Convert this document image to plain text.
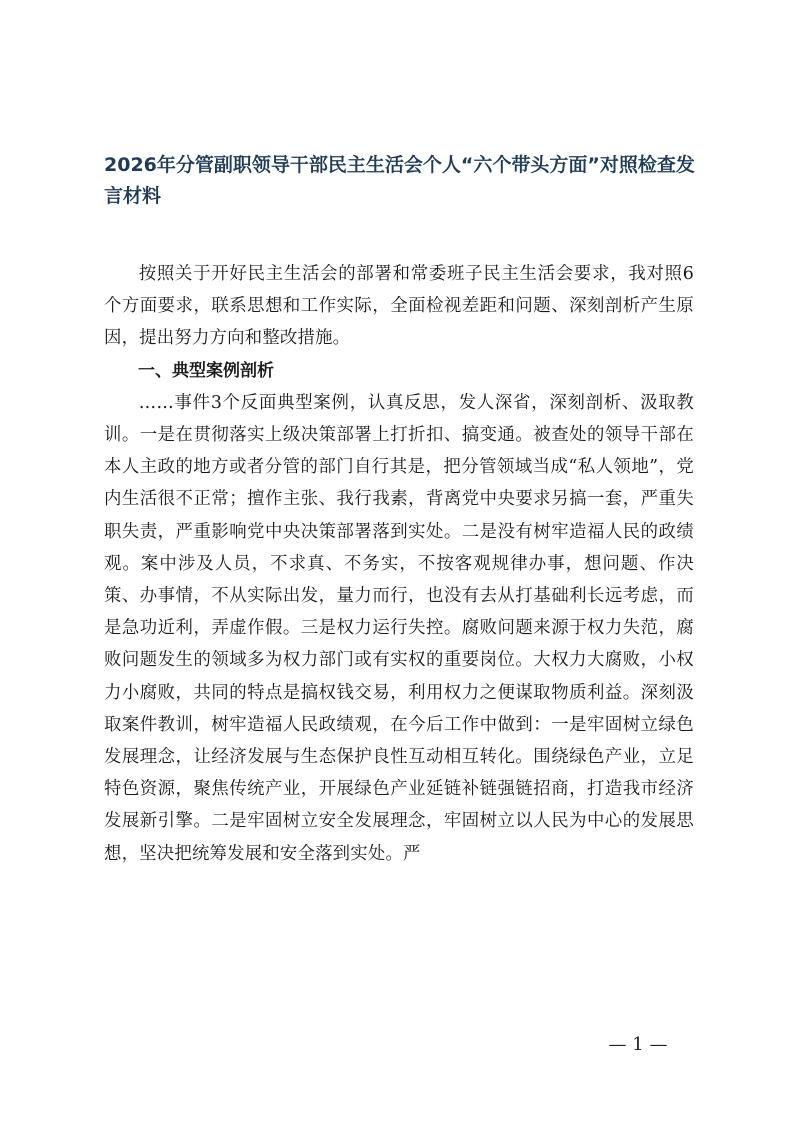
2026年分管副职领导干部民主生活会个人“六个带头方面”对照检查发言材料

按照关于开好民主生活会的部署和常委班子民主生活会要求，我对照6个方面要求，联系思想和工作实际，全面检视差距和问题、深刻剖析产生原因，提出努力方向和整改措施。

一、典型案例剖析

……事件3个反面典型案例，认真反思，发人深省，深刻剖析、汲取教训。一是在贯彻落实上级决策部署上打折扣、搞变通。被查处的领导干部在本人主政的地方或者分管的部门自行其是，把分管领域当成“私人领地”，党内生活很不正常；擅作主张、我行我素，背离党中央要求另搞一套，严重失职失责，严重影响党中央决策部署落到实处。二是没有树牢造福人民的政绩观。案中涉及人员，不求真、不务实，不按客观规律办事，想问题、作决策、办事情，不从实际出发，量力而行，也没有去从打基础利长远考虑，而是急功近利，弄虚作假。三是权力运行失控。腐败问题来源于权力失范，腐败问题发生的领域多为权力部门或有实权的重要岗位。大权力大腐败，小权力小腐败，共同的特点是搞权钱交易，利用权力之便谋取物质利益。深刻汲取案件教训，树牢造福人民政绩观，在今后工作中做到：一是牢固树立绿色发展理念，让经济发展与生态保护良性互动相互转化。围绕绿色产业，立足特色资源，聚焦传统产业，开展绿色产业延链补链强链招商，打造我市经济发展新引擎。二是牢固树立安全发展理念，牢固树立以人民为中心的发展思想，坚决把统筹发展和安全落到实处。严

— 1 —
